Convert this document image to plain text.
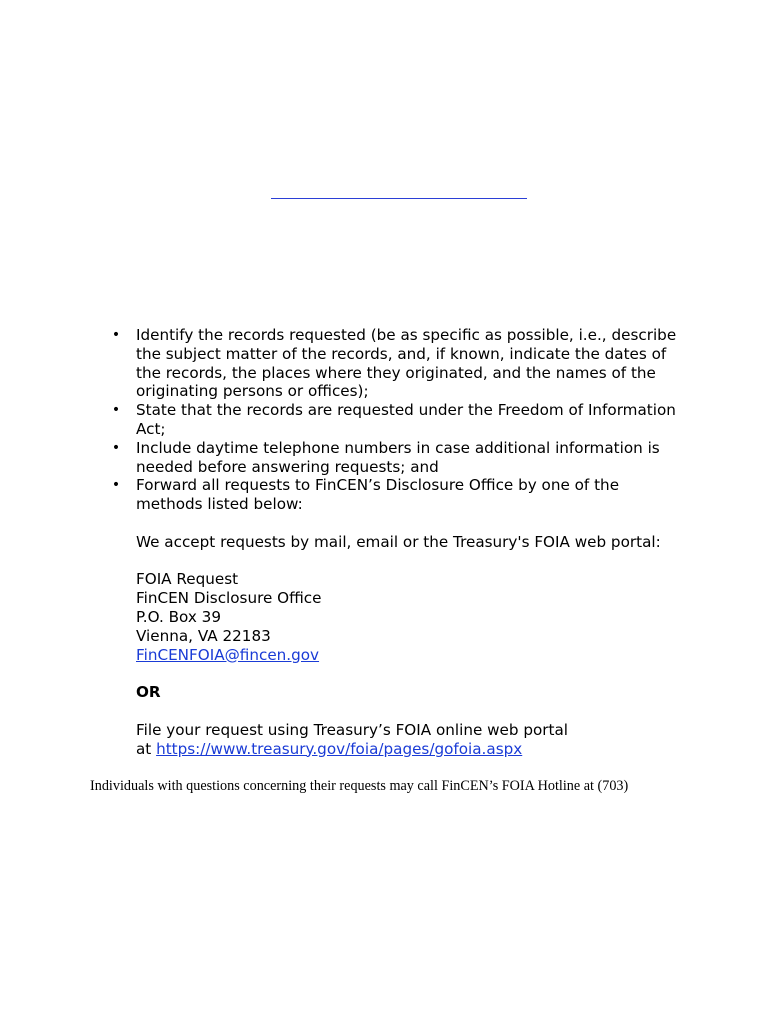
• Identify the records requested (be as specific as possible, i.e., describe the subject matter of the records, and, if known, indicate the dates of the records, the places where they originated, and the names of the originating persons or offices);
• State that the records are requested under the Freedom of Information Act;
• Include daytime telephone numbers in case additional information is needed before answering requests; and
• Forward all requests to FinCEN’s Disclosure Office by one of the methods listed below:

We accept requests by mail, email or the Treasury's FOIA web portal:

FOIA Request

FinCEN Disclosure Office

P.O. Box 39

Vienna, VA 22183

FinCENFOIA@fincen.gov

OR

File your request using Treasury’s FOIA online web portal

at https://www.treasury.gov/foia/pages/gofoia.aspx

Individuals with questions concerning their requests may call FinCEN’s FOIA Hotline at (703)
